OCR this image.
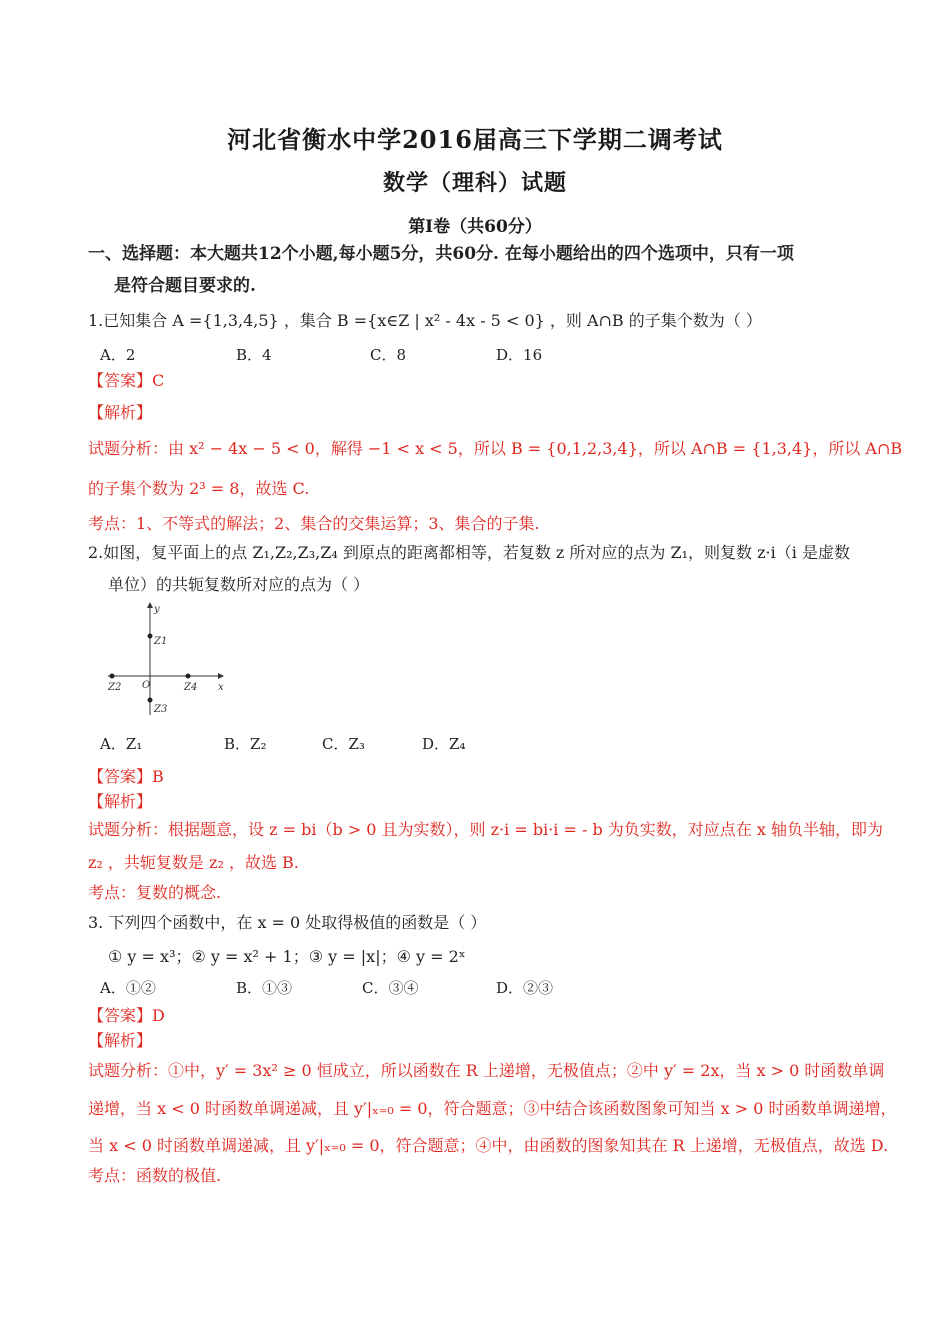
河北省衡水中学2016届高三下学期二调考试
数学（理科）试题
第Ⅰ卷（共60分）
一、选择题：本大题共12个小题,每小题5分，共60分. 在每小题给出的四个选项中，只有一项
是符合题目要求的.
1.已知集合 A ={1,3,4,5} ，集合 B ={x∈Z | x² - 4x - 5 < 0} ，则 A∩B 的子集个数为（ ）
A．2	B．4	C．8	D．16
【答案】C
【解析】
试题分析：由 x² − 4x − 5 < 0，解得 −1 < x < 5，所以 B = {0,1,2,3,4}，所以 A∩B = {1,3,4}，所以 A∩B
的子集个数为 2³ = 8，故选 C.
考点：1、不等式的解法；2、集合的交集运算；3、集合的子集.
2.如图，复平面上的点 Z₁,Z₂,Z₃,Z₄ 到原点的距离都相等，若复数 z 所对应的点为 Z₁，则复数 z·i（i 是虚数
单位）的共轭复数所对应的点为（ ）
y
x
O
Z1
Z2
Z3
Z4
A．Z₁	B．Z₂	C．Z₃	D．Z₄
【答案】B
【解析】
试题分析：根据题意，设 z = bi（b > 0 且为实数），则 z·i = bi·i = - b 为负实数，对应点在 x 轴负半轴，即为
z₂ ，共轭复数是 z₂ ，故选 B.
考点：复数的概念.
3. 下列四个函数中，在 x = 0 处取得极值的函数是（ ）
① y = x³；② y = x² + 1；③ y = |x|；④ y = 2ˣ
A．①②	B．①③	C．③④	D．②③
【答案】D
【解析】
试题分析：①中，y′ = 3x² ≥ 0 恒成立，所以函数在 R 上递增，无极值点；②中 y′ = 2x，当 x > 0 时函数单调
递增，当 x < 0 时函数单调递减，且 y′|ₓ₌₀ = 0，符合题意；③中结合该函数图象可知当 x > 0 时函数单调递增，
当 x < 0 时函数单调递减，且 y′|ₓ₌₀ = 0，符合题意；④中，由函数的图象知其在 R 上递增，无极值点，故选 D.
考点：函数的极值.
